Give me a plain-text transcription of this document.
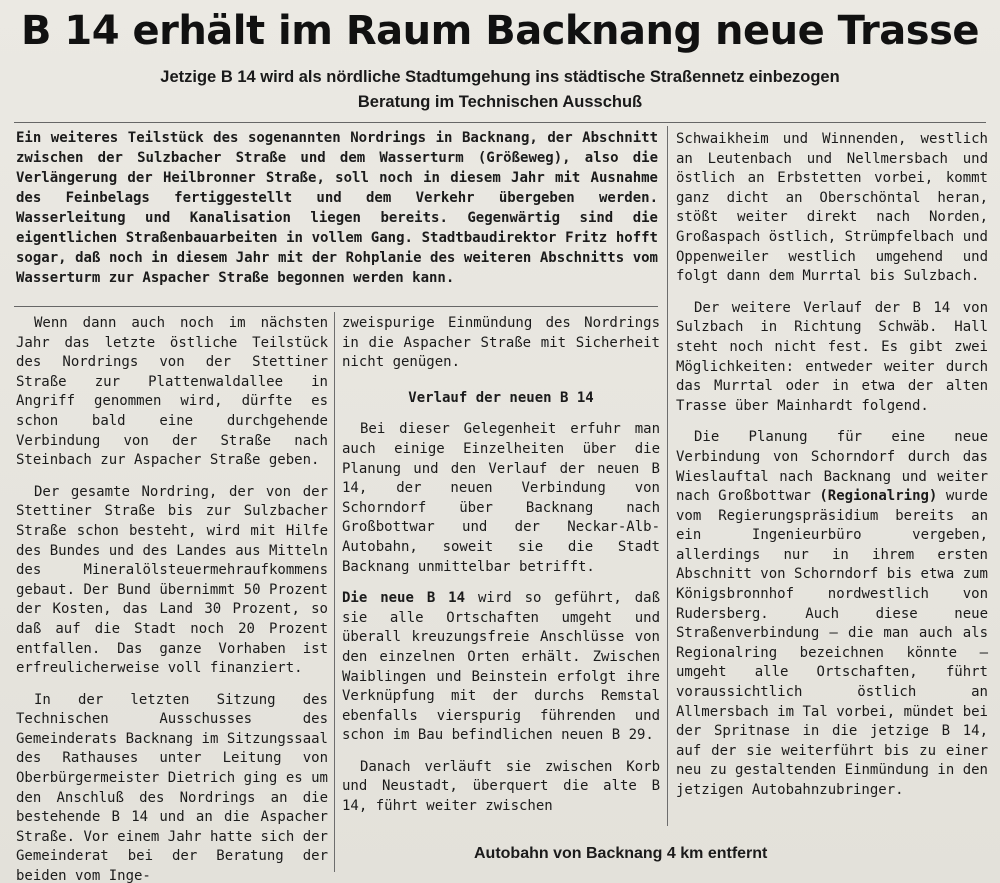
B 14 erhält im Raum Backnang neue Trasse
Jetzige B 14 wird als nördliche Stadtumgehung ins städtische Straßennetz einbezogen
Beratung im Technischen Ausschuß
Ein weiteres Teilstück des sogenannten Nordrings in Backnang, der Abschnitt zwischen der Sulzbacher Straße und dem Wasserturm (Größeweg), also die Verlängerung der Heilbronner Straße, soll noch in diesem Jahr mit Ausnahme des Feinbelags fertiggestellt und dem Verkehr übergeben werden. Wasserleitung und Kanalisation liegen bereits. Gegenwärtig sind die eigentlichen Straßenbauarbeiten in vollem Gang. Stadtbaudirektor Fritz hofft sogar, daß noch in diesem Jahr mit der Rohplanie des weiteren Abschnitts vom Wasserturm zur Aspacher Straße begonnen werden kann.

Wenn dann auch noch im nächsten Jahr das letzte östliche Teilstück des Nordrings von der Stettiner Straße zur Plattenwaldallee in Angriff genommen wird, dürfte es schon bald eine durchgehende Verbindung von der Straße nach Steinbach zur Aspacher Straße geben.

Der gesamte Nordring, der von der Stettiner Straße bis zur Sulzbacher Straße schon besteht, wird mit Hilfe des Bundes und des Landes aus Mitteln des Mineralölsteuermehraufkommens gebaut. Der Bund übernimmt 50 Prozent der Kosten, das Land 30 Prozent, so daß auf die Stadt noch 20 Prozent entfallen. Das ganze Vorhaben ist erfreulicherweise voll finanziert.

In der letzten Sitzung des Technischen Ausschusses des Gemeinderats Backnang im Sitzungssaal des Rathauses unter Leitung von Oberbürgermeister Dietrich ging es um den Anschluß des Nordrings an die bestehende B 14 und an die Aspacher Straße. Vor einem Jahr hatte sich der Gemeinderat bei der Beratung der beiden vom Inge-

zweispurige Einmündung des Nordrings in die Aspacher Straße mit Sicherheit nicht genügen.

Verlauf der neuen B 14

Bei dieser Gelegenheit erfuhr man auch einige Einzelheiten über die Planung und den Verlauf der neuen B 14, der neuen Verbindung von Schorndorf über Backnang nach Großbottwar und der Neckar-Alb-Autobahn, soweit sie die Stadt Backnang unmittelbar betrifft.

Die neue B 14 wird so geführt, daß sie alle Ortschaften umgeht und überall kreuzungsfreie Anschlüsse von den einzelnen Orten erhält. Zwischen Waiblingen und Beinstein erfolgt ihre Verknüpfung mit der durchs Remstal ebenfalls vierspurig führenden und schon im Bau befindlichen neuen B 29.

Danach verläuft sie zwischen Korb und Neustadt, überquert die alte B 14, führt weiter zwischen

Schwaikheim und Winnenden, westlich an Leutenbach und Nellmersbach und östlich an Erbstetten vorbei, kommt ganz dicht an Oberschöntal heran, stößt weiter direkt nach Norden, Großaspach östlich, Strümpfelbach und Oppenweiler westlich umgehend und folgt dann dem Murrtal bis Sulzbach.

Der weitere Verlauf der B 14 von Sulzbach in Richtung Schwäb. Hall steht noch nicht fest. Es gibt zwei Möglichkeiten: entweder weiter durch das Murrtal oder in etwa der alten Trasse über Mainhardt folgend.

Die Planung für eine neue Verbindung von Schorndorf durch das Wieslauftal nach Backnang und weiter nach Großbottwar (Regionalring) wurde vom Regierungspräsidium bereits an ein Ingenieurbüro vergeben, allerdings nur in ihrem ersten Abschnitt von Schorndorf bis etwa zum Königsbronnhof nordwestlich von Rudersberg. Auch diese neue Straßenverbindung — die man auch als Regionalring bezeichnen könnte — umgeht alle Ortschaften, führt voraussichtlich östlich an Allmersbach im Tal vorbei, mündet bei der Spritnase in die jetzige B 14, auf der sie weiterführt bis zu einer neu zu gestaltenden Einmündung in den jetzigen Autobahnzubringer.

Autobahn von Backnang 4 km entfernt
